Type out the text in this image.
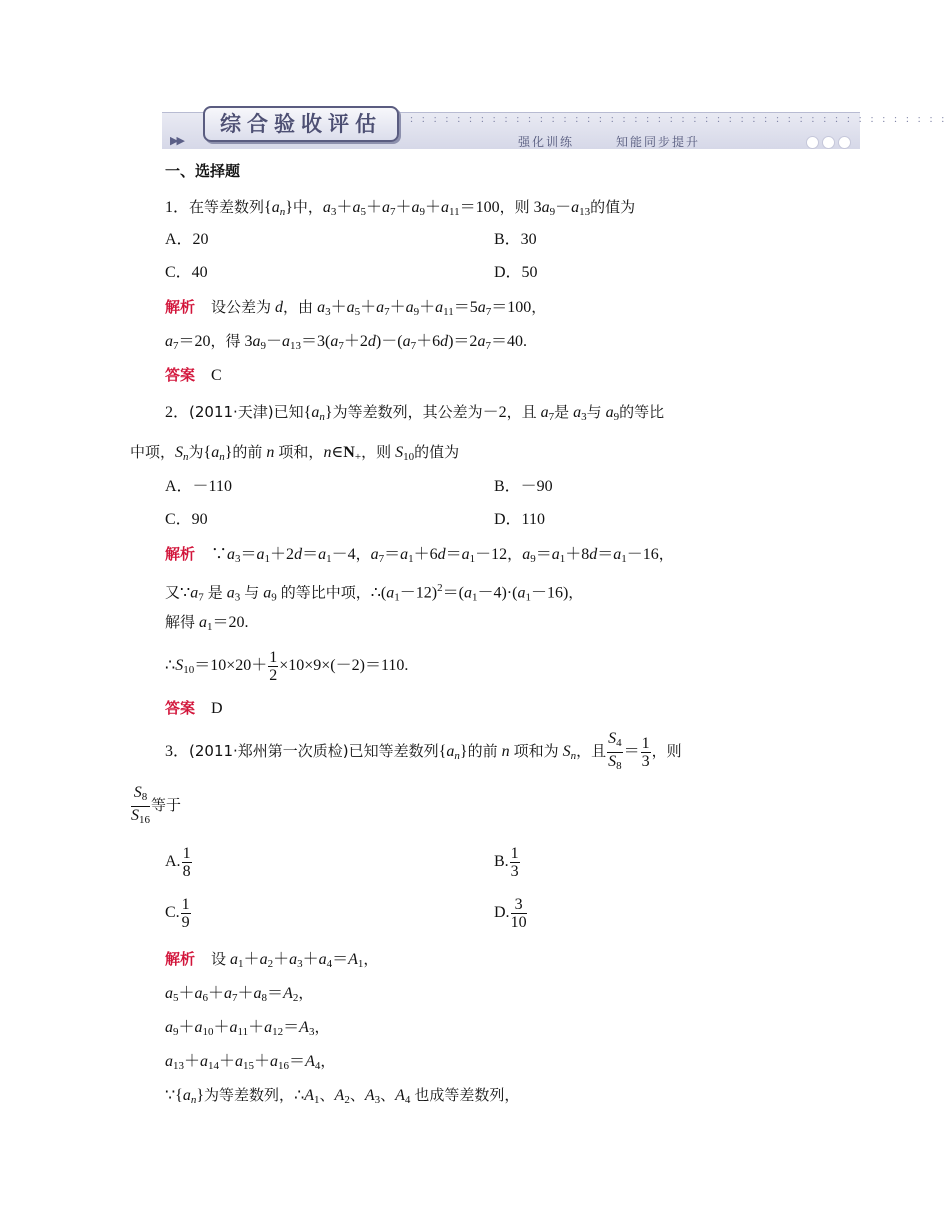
▶▶
: : : : : : : : : : : : : : : : : : : : : : : : : : : : : : : : : : : : : : : : : : : : : :
综合验收评估
强化训练	知能同步提升
一、选择题
1．在等差数列$\{a_n\}$中，$a_3+a_5+a_7+a_9+a_{11}=100$，则 $3a_9-a_{13}$的值为
A．20	B．30
C．40	D．50
解析　 设公差为 d，由 $a_3+a_5+a_7+a_9+a_{11}=5a_7=100$，
$a_7=20$，得 $3a_9-a_{13}=3(a_7+2d)-(a_7+6d)=2a_7=40$.
答案　 C
2．(2011·天津)已知$\{a_n\}$为等差数列，其公差为－2，且 $a_7$是 $a_3$与 $a_9$的等比
中项，$S_n$为$\{a_n\}$的前 n 项和，$n\in N_+$，则 $S_{10}$的值为
A．－110	B．－90
C．90	D．110
解析　$\because a_3=a_1+2d=a_1-4$，$a_7=a_1+6d=a_1-12$，$a_9=a_1+8d=a_1-16$，
又$\because a_7$ 是 $a_3$ 与 $a_9$ 的等比中项，$\therefore(a_1-12)^2=(a_1-4)\cdot(a_1-16)$，
解得 $a_1=20$.
$\therefore S_{10}=10\times 20+ \frac{1}{2} \times 10\times 9\times(-2)=110$.
答案　 D
3．(2011·郑州第一次质检)已知等差数列$\{a_n\}$的前 n 项和为 $S_n$，且 $\frac{S_4}{S_8} = \frac{1}{3}$ ，则
$\frac{S_8}{S_{16}}$ 等于
A. $\frac{1}{8}$	B. $\frac{1}{3}$
C. $\frac{1}{9}$	D. $\frac{3}{10}$
解析　 设 $a_1+a_2+a_3+a_4=A_1$，
$a_5+a_6+a_7+a_8=A_2$，
$a_9+a_{10}+a_{11}+a_{12}=A_3$，
$a_{13}+a_{14}+a_{15}+a_{16}=A_4$，
$\because\{a_n\}$为等差数列，$\therefore A_1$、$A_2$、$A_3$、$A_4$ 也成等差数列，
